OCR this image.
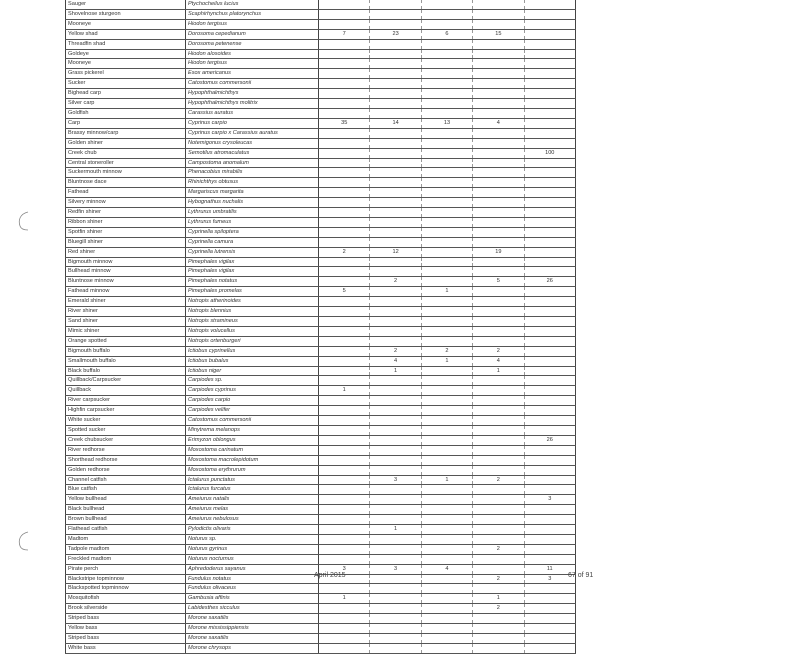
Sauger	Ptychocheilus lucius					
Shovelnose sturgeon	Scaphirhynchus platorynchus					
Mooneye	Hiodon tergisus					
Yellow shad	Dorosoma cepedianum	7	23	6	15	
Threadfin shad	Dorosoma petenense					
Goldeye	Hiodon alosoides					
Mooneye	Hiodon tergisus					
Grass pickerel	Esox americanus					
Sucker	Catostomus commersonii					
Bighead carp	Hypophthalmichthys					
Silver carp	Hypophthalmichthys molitrix					
Goldfish	Carassius auratus					
Carp	Cyprinus carpio	35	14	13	4	
Brassy minnow/carp	Cyprinus carpio x Carassius auratus					
Golden shiner	Notemigonus crysoleucas					
Creek chub	Semotilus atromaculatus					100
Central stoneroller	Campostoma anomalum					
Suckermouth minnow	Phenacobius mirabilis					
Bluntnose dace	Rhinichthys obtusus					
Fathead	Margariscus margarita					
Silvery minnow	Hybognathus nuchalis					
Redfin shiner	Lythrurus umbratilis					
Ribbon shiner	Lythrurus fumeus					
Spotfin shiner	Cyprinella spiloptera					
Bluegill shiner	Cyprinella camura					
Red shiner	Cyprinella lutrensis	2	12		19	
Bigmouth minnow	Pimephales vigilax					
Bullhead minnow	Pimephales vigilax					
Bluntnose minnow	Pimephales notatus		2		5	26
Fathead minnow	Pimephales promelas	5		1		
Emerald shiner	Notropis atherinoides					
River shiner	Notropis blennius					
Sand shiner	Notropis stramineus					
Mimic shiner	Notropis volucellus					
Orange spotted	Notropis ortenburgeri					
Bigmouth buffalo	Ictiobus cyprinellus		2	2	2	
Smallmouth buffalo	Ictiobus bubalus		4	1	4	
Black buffalo	Ictiobus niger		1		1	
Quillback/Carpsucker	Carpiodes sp.					
Quillback	Carpiodes cyprinus	1				
River carpsucker	Carpiodes carpio					
Highfin carpsucker	Carpiodes velifer					
White sucker	Catostomus commersonii					
Spotted sucker	Minytrema melanops					
Creek chubsucker	Erimyzon oblongus					26
River redhorse	Moxostoma carinatum					
Shorthead redhorse	Moxostoma macrolepidotum					
Golden redhorse	Moxostoma erythrurum					
Channel catfish	Ictalurus punctatus		3	1	2	
Blue catfish	Ictalurus furcatus					
Yellow bullhead	Ameiurus natalis					3
Black bullhead	Ameiurus melas					
Brown bullhead	Ameiurus nebulosus					
Flathead catfish	Pylodictis olivaris		1			
Madtom	Noturus sp.					
Tadpole madtom	Noturus gyrinus				2	
Freckled madtom	Noturus nocturnus					
Pirate perch	Aphredoderus sayanus	3	3	4		11
Blackstripe topminnow	Fundulus notatus				2	3
Blackspotted topminnow	Fundulus olivaceus					
Mosquitofish	Gambusia affinis	1			1	
Brook silverside	Labidesthes sicculus				2	
Striped bass	Morone saxatilis					
Yellow bass	Morone mississippiensis					
Striped bass	Morone saxatilis					
White bass	Morone chrysops					
April 2015	67 of 91
